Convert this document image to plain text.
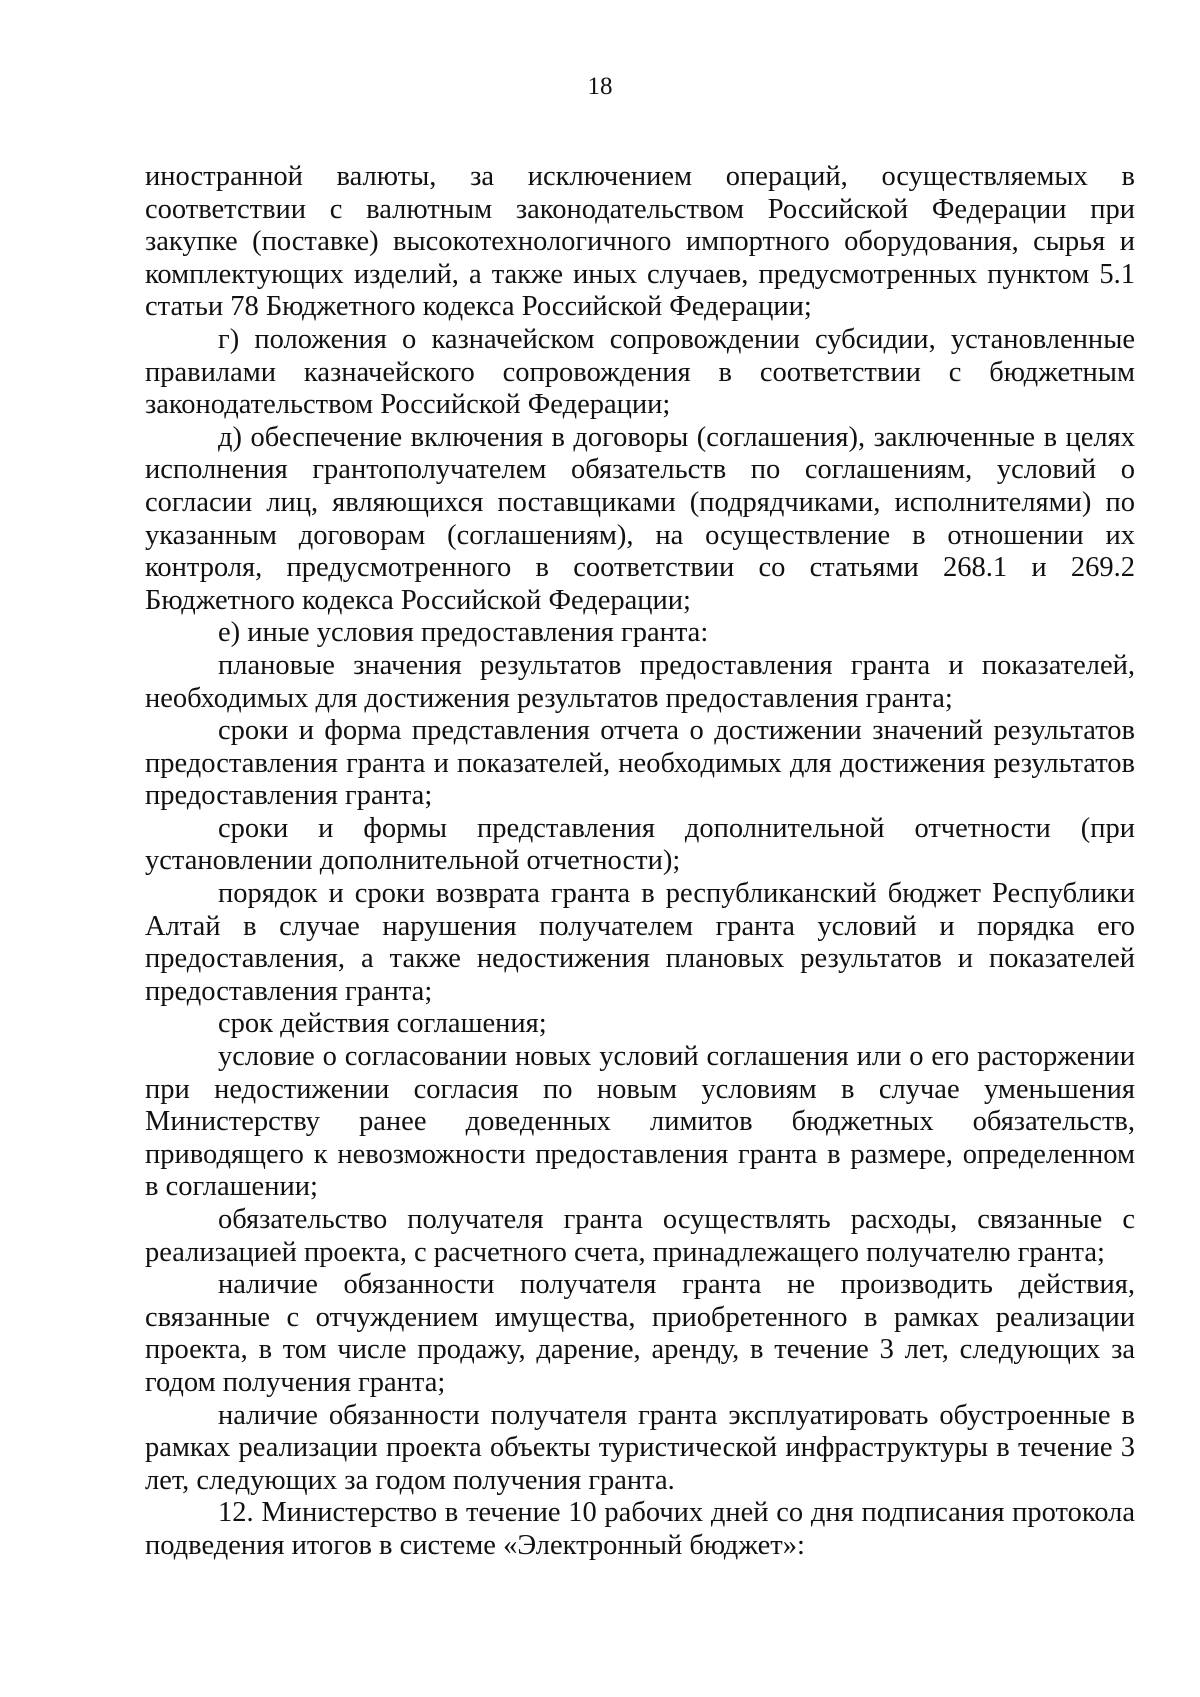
18

иностранной валюты, за исключением операций, осуществляемых в соответствии с валютным законодательством Российской Федерации при закупке (поставке) высокотехнологичного импортного оборудования, сырья и комплектующих изделий, а также иных случаев, предусмотренных пунктом 5.1 статьи 78 Бюджетного кодекса Российской Федерации;

г) положения о казначейском сопровождении субсидии, установленные правилами казначейского сопровождения в соответствии с бюджетным законодательством Российской Федерации;

д) обеспечение включения в договоры (соглашения), заключенные в целях исполнения грантополучателем обязательств по соглашениям, условий о согласии лиц, являющихся поставщиками (подрядчиками, исполнителями) по указанным договорам (соглашениям), на осуществление в отношении их контроля, предусмотренного в соответствии со статьями 268.1 и 269.2 Бюджетного кодекса Российской Федерации;

е) иные условия предоставления гранта:

плановые значения результатов предоставления гранта и показателей, необходимых для достижения результатов предоставления гранта;

сроки и форма представления отчета о достижении значений результатов предоставления гранта и показателей, необходимых для достижения результатов предоставления гранта;

сроки и формы представления дополнительной отчетности (при установлении дополнительной отчетности);

порядок и сроки возврата гранта в республиканский бюджет Республики Алтай в случае нарушения получателем гранта условий и порядка его предоставления, а также недостижения плановых результатов и показателей предоставления гранта;

срок действия соглашения;

условие о согласовании новых условий соглашения или о его расторжении при недостижении согласия по новым условиям в случае уменьшения Министерству ранее доведенных лимитов бюджетных обязательств, приводящего к невозможности предоставления гранта в размере, определенном в соглашении;

обязательство получателя гранта осуществлять расходы, связанные с реализацией проекта, с расчетного счета, принадлежащего получателю гранта;

наличие обязанности получателя гранта не производить действия, связанные с отчуждением имущества, приобретенного в рамках реализации проекта, в том числе продажу, дарение, аренду, в течение 3 лет, следующих за годом получения гранта;

наличие обязанности получателя гранта эксплуатировать обустроенные в рамках реализации проекта объекты туристической инфраструктуры в течение 3 лет, следующих за годом получения гранта.

12. Министерство в течение 10 рабочих дней со дня подписания протокола подведения итогов в системе «Электронный бюджет»:
